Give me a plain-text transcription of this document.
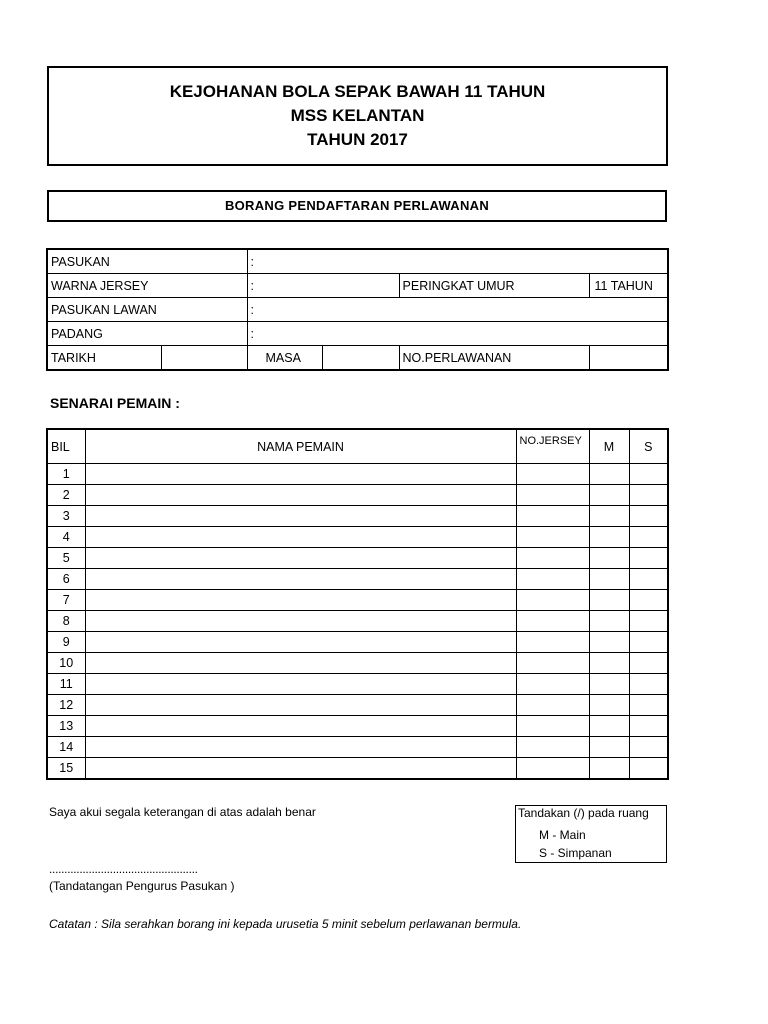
KEJOHANAN BOLA SEPAK BAWAH 11 TAHUN
MSS KELANTAN
TAHUN 2017
BORANG PENDAFTARAN PERLAWANAN
PASUKAN		:			
WARNA JERSEY		:		PERINGKAT UMUR	11 TAHUN
PASUKAN LAWAN		:			
PADANG		:			
TARIKH		MASA		NO.PERLAWANAN	
SENARAI PEMAIN :
BIL	NAMA PEMAIN	NO.JERSEY	M	S
1				
2				
3				
4				
5				
6				
7				
8				
9				
10				
11				
12				
13				
14				
15				
Saya akui segala keterangan di atas adalah benar	Tandakan (/) pada ruang
M - Main
S - Simpanan
.................................................
(Tandatangan Pengurus Pasukan )
Catatan : Sila serahkan borang ini kepada urusetia 5 minit sebelum perlawanan bermula.
